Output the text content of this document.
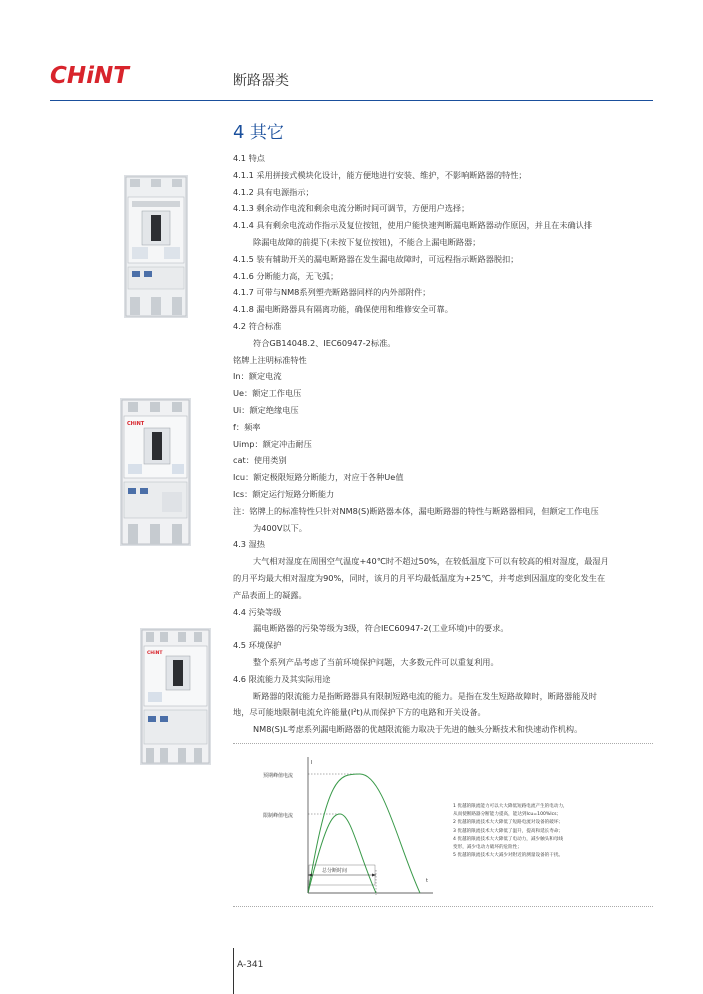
CHiNT	断路器类
4 其它

4.1 特点

4.1.1 采用拼接式模块化设计，能方便地进行安装、维护，不影响断路器的特性；

4.1.2 具有电源指示；

4.1.3 剩余动作电流和剩余电流分断时间可调节，方便用户选择；

4.1.4 具有剩余电流动作指示及复位按钮，使用户能快速判断漏电断路器动作原因，并且在未确认排

除漏电故障的前提下(未按下复位按钮)，不能合上漏电断路器；

4.1.5 装有辅助开关的漏电断路器在发生漏电故障时，可远程指示断路器脱扣；

4.1.6 分断能力高，无飞弧；

4.1.7 可带与NM8系列塑壳断路器同样的内外部附件；

4.1.8 漏电断路器具有隔离功能，确保使用和维修安全可靠。

4.2 符合标准

符合GB14048.2、IEC60947-2标准。

铭牌上注明标准特性

In：额定电流

Ue：额定工作电压

Ui：额定绝缘电压

f：频率

Uimp：额定冲击耐压

cat：使用类别

Icu：额定极限短路分断能力，对应于各种Ue值

Ics：额定运行短路分断能力

注：铭牌上的标准特性只针对NM8(S)断路器本体，漏电断路器的特性与断路器相同，但额定工作电压

为400V以下。

4.3 湿热

大气相对湿度在周围空气温度+40℃时不超过50%，在较低温度下可以有较高的相对湿度，最湿月

的月平均最大相对湿度为90%，同时，该月的月平均最低温度为+25℃，并考虑到因温度的变化发生在

产品表面上的凝露。

4.4 污染等级

漏电断路器的污染等级为3级，符合IEC60947-2(工业环境)中的要求。

4.5 环境保护

整个系列产品考虑了当前环境保护问题，大多数元件可以重复利用。

4.6 限流能力及其实际用途

断路器的限流能力是指断路器具有限制短路电流的能力。是指在发生短路故障时，断路器能及时

地，尽可能地限制电流允许能量(I²t)从而保护下方的电路和开关设备。

NM8(S)L考虑系列漏电断路器的优越限流能力取决于先进的触头分断技术和快速动作机构。

CHiNT
CHiNT
I
t
预期峰值电流
限制峰值电流
总分断时间

1 优越的限流能力可以大大降低短路电流产生的电动力，

从而使断路器分断能力提高，能达到Icu=100%Ics；

2 优越的限流技术大大降低了短路电流对设备的破坏；

3 优越的限流技术大大降低了温升，提高和延长寿命；

4 优越的限流技术大大降低了电动力，减少触头和母线

变形，减少电动力破坏的危险性；

5 优越的限流技术大大减少对附近的测量设备的干扰。

A-341
